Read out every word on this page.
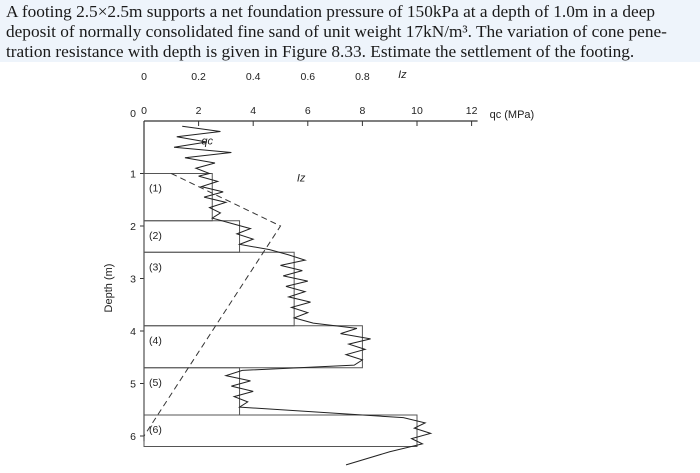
A footing 2.5×2.5m supports a net foundation pressure of 150kPa at a depth of 1.0m in a deep
deposit of normally consolidated fine sand of unit weight 17kN/m³. The variation of cone pene-
tration resistance with depth is given in Figure 8.33. Estimate the settlement of the footing.
0	0.2	0.4	0.6	0.8	Iz
0	2	4	6	8	10	12 qc (MPa)
1
2
3
4
5
6
Depth (m)
0
(1)
(2)
(3)
(4)
(5)
(6)
qc
Iz
